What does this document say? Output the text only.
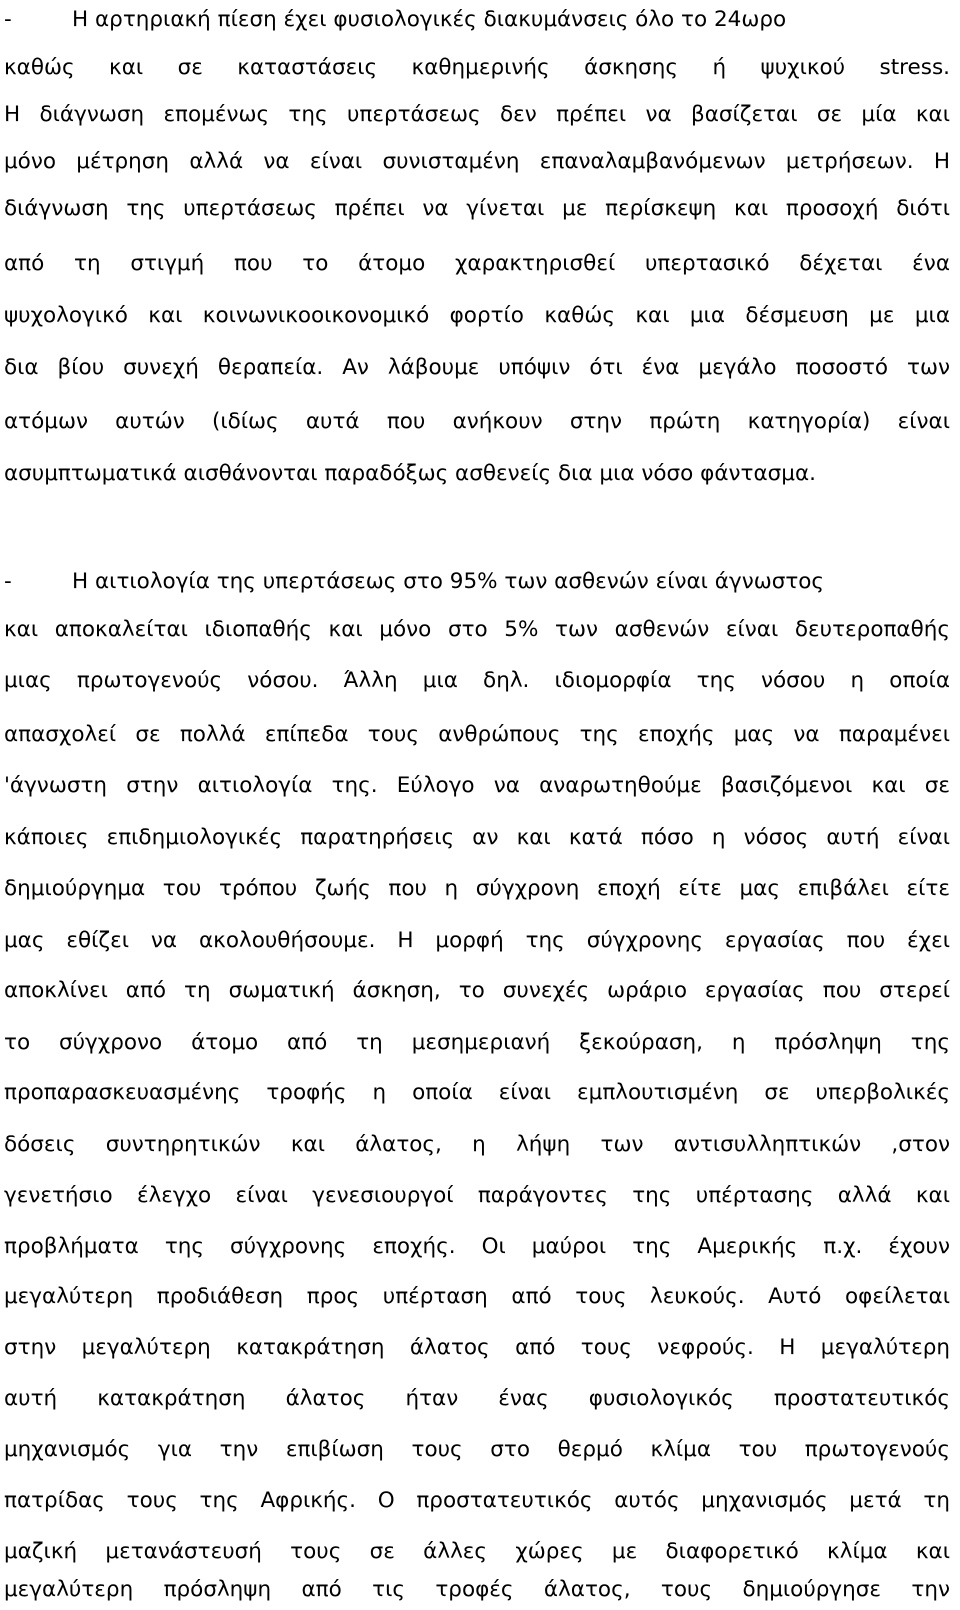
-	Η αρτηριακή πίεση έχει φυσιολογικές διακυμάνσεις όλο το 24ωρο
καθώς και σε καταστάσεις καθημερινής άσκησης ή ψυχικού stress.
Η διάγνωση επομένως της υπερτάσεως δεν πρέπει να βασίζεται σε μία και
μόνο μέτρηση αλλά να είναι συνισταμένη επαναλαμβανόμενων μετρήσεων. Η
διάγνωση της υπερτάσεως πρέπει να γίνεται με περίσκεψη και προσοχή διότι
από τη στιγμή που το άτομο χαρακτηρισθεί υπερτασικό δέχεται ένα
ψυχολογικό και κοινωνικοοικονομικό φορτίο καθώς και μια δέσμευση με μια
δια βίου συνεχή θεραπεία. Αν λάβουμε υπόψιν ότι ένα μεγάλο ποσοστό των
ατόμων αυτών (ιδίως αυτά που ανήκουν στην πρώτη κατηγορία) είναι
ασυμπτωματικά αισθάνονται παραδόξως ασθενείς δια μια νόσο φάντασμα.
-	Η αιτιολογία της υπερτάσεως στο 95% των ασθενών είναι άγνωστος
και αποκαλείται ιδιοπαθής και μόνο στο 5% των ασθενών είναι δευτεροπαθής
μιας πρωτογενούς νόσου. Άλλη μια δηλ. ιδιομορφία της νόσου η οποία
απασχολεί σε πολλά επίπεδα τους ανθρώπους της εποχής μας να παραμένει
'άγνωστη στην αιτιολογία της. Εύλογο να αναρωτηθούμε βασιζόμενοι και σε
κάποιες επιδημιολογικές παρατηρήσεις αν και κατά πόσο η νόσος αυτή είναι
δημιούργημα του τρόπου ζωής που η σύγχρονη εποχή είτε μας επιβάλει είτε
μας εθίζει να ακολουθήσουμε. Η μορφή της σύγχρονης εργασίας που έχει
αποκλίνει από τη σωματική άσκηση, το συνεχές ωράριο εργασίας που στερεί
το σύγχρονο άτομο από τη μεσημεριανή ξεκούραση, η πρόσληψη της
προπαρασκευασμένης τροφής η οποία είναι εμπλουτισμένη σε υπερβολικές
δόσεις συντηρητικών και άλατος, η λήψη των αντισυλληπτικών ,στον
γενετήσιο έλεγχο είναι γενεσιουργοί παράγοντες της υπέρτασης αλλά και
προβλήματα της σύγχρονης εποχής. Οι μαύροι της Αμερικής π.χ. έχουν
μεγαλύτερη προδιάθεση προς υπέρταση από τους λευκούς. Αυτό οφείλεται
στην μεγαλύτερη κατακράτηση άλατος από τους νεφρούς. Η μεγαλύτερη
αυτή κατακράτηση άλατος ήταν ένας φυσιολογικός προστατευτικός
μηχανισμός για την επιβίωση τους στο θερμό κλίμα του πρωτογενούς
πατρίδας τους της Αφρικής. Ο προστατευτικός αυτός μηχανισμός μετά τη
μαζική μετανάστευσή τους σε άλλες χώρες με διαφορετικό κλίμα και
μεγαλύτερη πρόσληψη από τις τροφές άλατος, τους δημιούργησε την
